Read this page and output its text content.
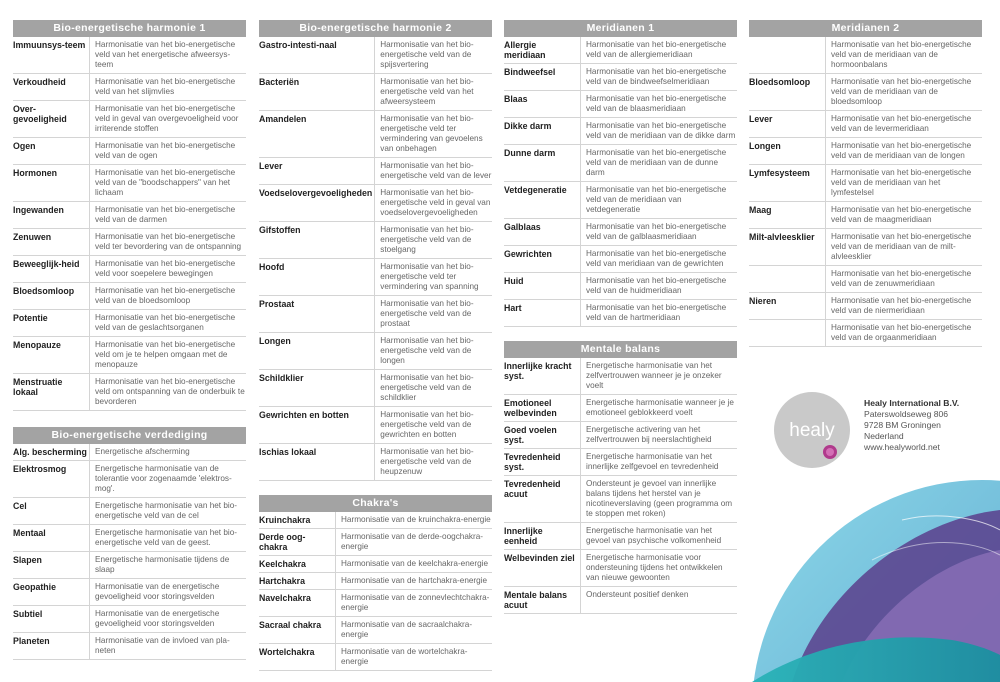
Bio-energetische harmonie 1
Immuunsys-teem	Harmonisatie van het bio-energetische veld van het energetische afweersys-teem
Verkoudheid	Harmonisatie van het bio-energetische veld van het slijmvlies
Over-gevoeligheid	Harmonisatie van het bio-energetische veld in geval van overgevoeligheid voor irriterende stoffen
Ogen	Harmonisatie van het bio-energetische veld van de ogen
Hormonen	Harmonisatie van het bio-energetische veld van de "boodschappers" van het lichaam
Ingewanden	Harmonisatie van het bio-energetische veld van de darmen
Zenuwen	Harmonisatie van het bio-energetische veld ter bevordering van de ontspanning
Beweeglijk-heid	Harmonisatie van het bio-energetische veld voor soepelere bewegingen
Bloedsomloop	Harmonisatie van het bio-energetische veld van de bloedsomloop
Potentie	Harmonisatie van het bio-energetische veld van de geslachtsorganen
Menopauze	Harmonisatie van het bio-energetische veld om je te helpen omgaan met de menopauze
Menstruatie lokaal	Harmonisatie van het bio-energetische veld om ontspanning van de onderbuik te bevorderen
Bio-energetische verdediging
Alg. bescherming	Energetische afscherming
Elektrosmog	Energetische harmonisatie van de tolerantie voor zogenaamde 'elektros-mog'.
Cel	Energetische harmonisatie van het bio-energetische veld van de cel
Mentaal	Energetische harmonisatie van het bio-energetische veld van de geest.
Slapen	Energetische harmonisatie tijdens de slaap
Geopathie	Harmonisatie van de energetische gevoeligheid voor storingsvelden
Subtiel	Harmonisatie van de energetische gevoeligheid voor storingsvelden
Planeten	Harmonisatie van de invloed van pla-neten
Bio-energetische harmonie 2
Gastro-intesti-naal	Harmonisatie van het bio-energetische veld van de spijsvertering
Bacteriën	Harmonisatie van het bio-energetische veld van het afweersysteem
Amandelen	Harmonisatie van het bio-energetische veld ter vermindering van gevoelens van onbehagen
Lever	Harmonisatie van het bio-energetische veld van de lever
Voedselovergevoeligheden	Harmonisatie van het bio-energetische veld in geval van voedselovergevoeligheden
Gifstoffen	Harmonisatie van het bio-energetische veld van de stoelgang
Hoofd	Harmonisatie van het bio-energetische veld ter vermindering van spanning
Prostaat	Harmonisatie van het bio-energetische veld van de prostaat
Longen	Harmonisatie van het bio-energetische veld van de longen
Schildklier	Harmonisatie van het bio-energetische veld van de schildklier
Gewrichten en botten	Harmonisatie van het bio-energetische veld van de gewrichten en botten
Ischias lokaal	Harmonisatie van het bio-energetische veld van de heupzenuw
Chakra's
Kruinchakra	Harmonisatie van de kruinchakra-energie
Derde oog-chakra	Harmonisatie van de derde-oogchakra-energie
Keelchakra	Harmonisatie van de keelchakra-energie
Hartchakra	Harmonisatie van de hartchakra-energie
Navelchakra	Harmonisatie van de zonnevlechtchakra-energie
Sacraal chakra	Harmonisatie van de sacraalchakra-energie
Wortelchakra	Harmonisatie van de wortelchakra-energie
Meridianen 1
Allergie meridiaan	Harmonisatie van het bio-energetische veld van de allergiemeridiaan
Bindweefsel	Harmonisatie van het bio-energetische veld van de bindweefselmeridiaan
Blaas	Harmonisatie van het bio-energetische veld van de blaasmeridiaan
Dikke darm	Harmonisatie van het bio-energetische veld van de meridiaan van de dikke darm
Dunne darm	Harmonisatie van het bio-energetische veld van de meridiaan van de dunne darm
Vetdegeneratie	Harmonisatie van het bio-energetische veld van de meridiaan van vetdegeneratie
Galblaas	Harmonisatie van het bio-energetische veld van de galblaasmeridiaan
Gewrichten	Harmonisatie van het bio-energetische veld van meridiaan van de gewrichten
Huid	Harmonisatie van het bio-energetische veld van de huidmeridiaan
Hart	Harmonisatie van het bio-energetische veld van de hartmeridiaan
Mentale balans
Innerlijke kracht syst.	Energetische harmonisatie van het zelfvertrouwen wanneer je je onzeker voelt
Emotioneel welbevinden	Energetische harmonisatie wanneer je je emotioneel geblokkeerd voelt
Goed voelen syst.	Energetische activering van het zelfvertrouwen bij neerslachtigheid
Tevredenheid syst.	Energetische harmonisatie van het innerlijke zelfgevoel en tevredenheid
Tevredenheid acuut	Ondersteunt je gevoel van innerlijke balans tijdens het herstel van je nicotineverslaving (geen programma om te stoppen met roken)
Innerlijke eenheid	Energetische harmonisatie van het gevoel van psychische volkomenheid
Welbevinden ziel	Energetische harmonisatie voor ondersteuning tijdens het ontwikkelen van nieuwe gewoonten
Mentale balans acuut	Ondersteunt positief denken
Meridianen 2
	Harmonisatie van het bio-energetische veld van de meridiaan van de hormoonbalans
Bloedsomloop	Harmonisatie van het bio-energetische veld van de meridiaan van de bloedsomloop
Lever	Harmonisatie van het bio-energetische veld van de levermeridiaan
Longen	Harmonisatie van het bio-energetische veld van de meridiaan van de longen
Lymfesysteem	Harmonisatie van het bio-energetische veld van de meridiaan van het lymfestelsel
Maag	Harmonisatie van het bio-energetische veld van de maagmeridiaan
Milt-alvleesklier	Harmonisatie van het bio-energetische veld van de meridiaan van de milt-alvleesklier
	Harmonisatie van het bio-energetische veld van de zenuwmeridiaan
Nieren	Harmonisatie van het bio-energetische veld van de niermeridiaan
	Harmonisatie van het bio-energetische veld van de orgaanmeridiaan
healy
Healy International B.V.
Paterswoldseweg 806
9728 BM Groningen
Nederland
www.healyworld.net
